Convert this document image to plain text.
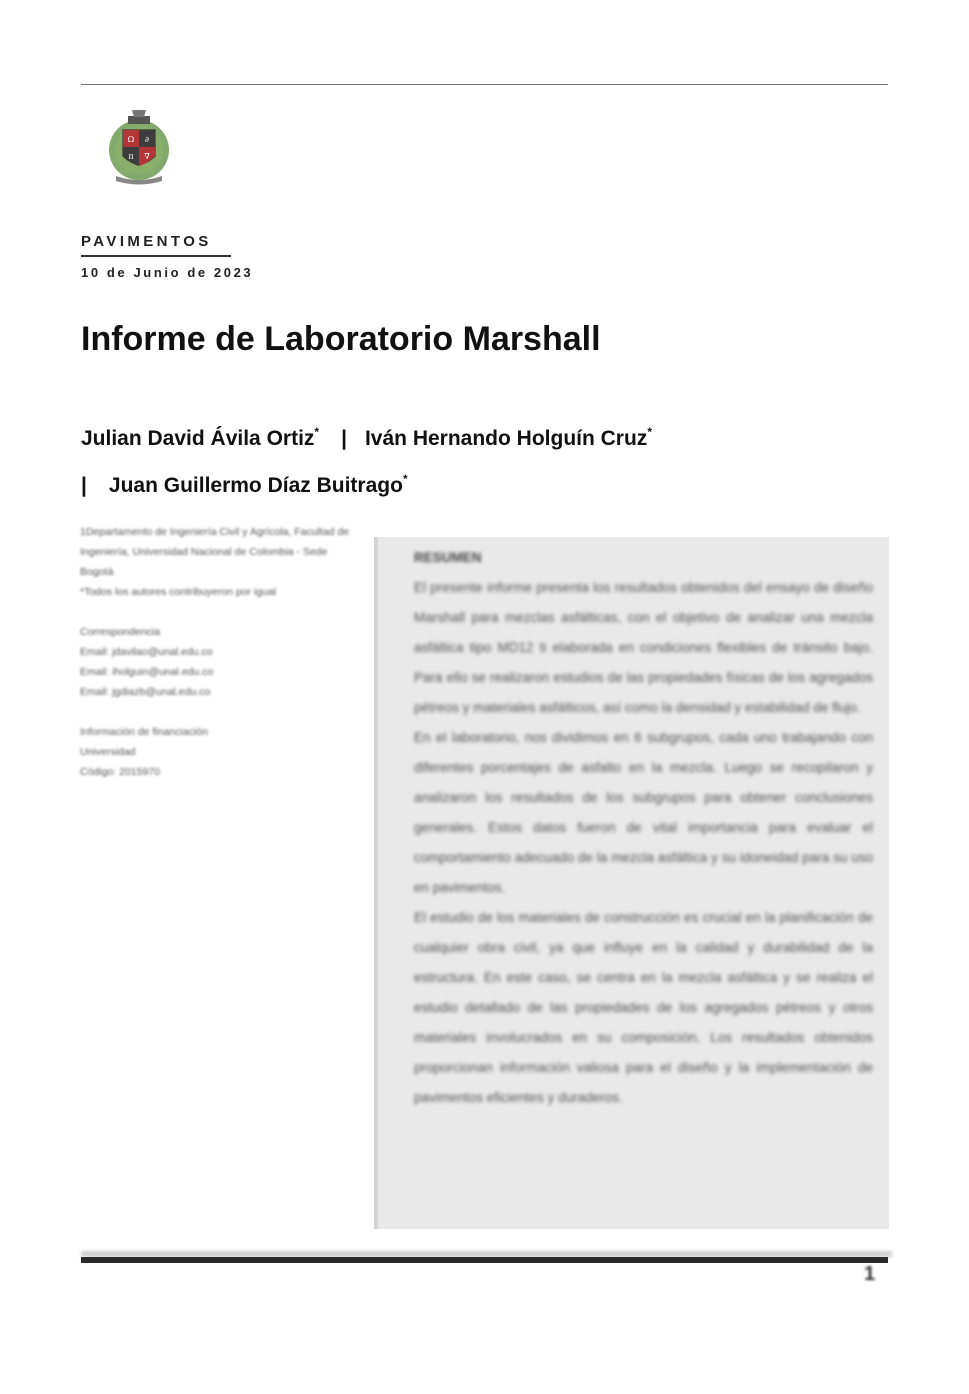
Ω ∂
π ∇
PAVIMENTOS
10 de Junio de 2023
Informe de Laboratorio Marshall
Julian David Ávila Ortiz* | Iván Hernando Holguín Cruz*
| Juan Guillermo Díaz Buitrago*

1Departamento de Ingeniería Civil y Agrícola, Facultad de Ingeniería, Universidad Nacional de Colombia - Sede Bogotá
*Todos los autores contribuyeron por igual

Correspondencia
Email: jdavilao@unal.edu.co
Email: iholguin@unal.edu.co
Email: jgdiazb@unal.edu.co

Información de financiación
Universidad
Código: 2015970

RESUMEN

El presente informe presenta los resultados obtenidos del ensayo de diseño Marshall para mezclas asfálticas, con el objetivo de analizar una mezcla asfáltica tipo MD12 ti elaborada en condiciones flexibles de tránsito bajo. Para ello se realizaron estudios de las propiedades físicas de los agregados pétreos y materiales asfálticos, así como la densidad y estabilidad de flujo.

En el laboratorio, nos dividimos en 6 subgrupos, cada uno trabajando con diferentes porcentajes de asfalto en la mezcla. Luego se recopilaron y analizaron los resultados de los subgrupos para obtener conclusiones generales. Estos datos fueron de vital importancia para evaluar el comportamiento adecuado de la mezcla asfáltica y su idoneidad para su uso en pavimentos.

El estudio de los materiales de construcción es crucial en la planificación de cualquier obra civil, ya que influye en la calidad y durabilidad de la estructura. En este caso, se centra en la mezcla asfáltica y se realiza el estudio detallado de las propiedades de los agregados pétreos y otros materiales involucrados en su composición. Los resultados obtenidos proporcionan información valiosa para el diseño y la implementación de pavimentos eficientes y duraderos.

1
